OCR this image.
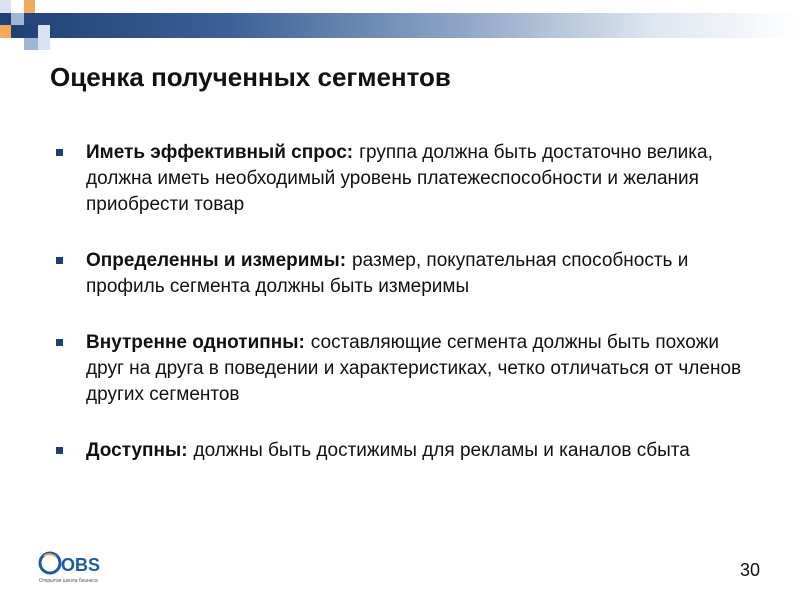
Оценка полученных сегментов
Иметь эффективный спрос: группа должна быть достаточно велика, должна иметь необходимый уровень платежеспособности и желания приобрести товар
Определенны и измеримы: размер, покупательная способность и профиль сегмента должны быть измеримы
Внутренне однотипны: составляющие сегмента должны быть похожи друг на друга в поведении и характеристиках, четко отличаться от членов других сегментов
Доступны: должны быть достижимы для рекламы и каналов сбыта
OBS
Открытая школа бизнеса
30
